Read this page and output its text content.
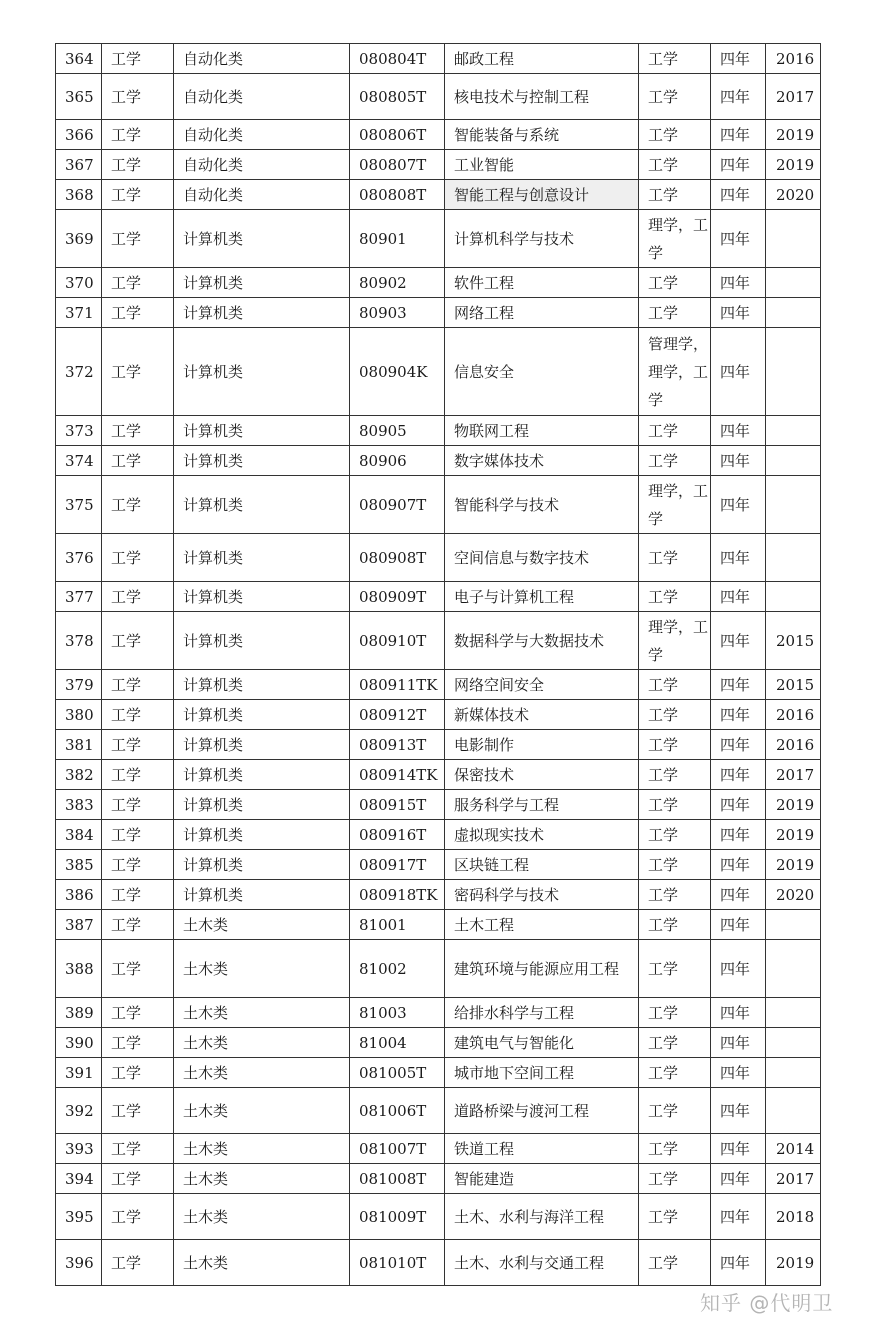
364	工学	自动化类	080804T	邮政工程	工学	四年	2016
365	工学	自动化类	080805T	核电技术与控制工程	工学	四年	2017
366	工学	自动化类	080806T	智能装备与系统	工学	四年	2019
367	工学	自动化类	080807T	工业智能	工学	四年	2019
368	工学	自动化类	080808T	智能工程与创意设计	工学	四年	2020
369	工学	计算机类	80901	计算机科学与技术	理学，工学	四年	
370	工学	计算机类	80902	软件工程	工学	四年	
371	工学	计算机类	80903	网络工程	工学	四年	
372	工学	计算机类	080904K	信息安全	管理学，理学，工学	四年	
373	工学	计算机类	80905	物联网工程	工学	四年	
374	工学	计算机类	80906	数字媒体技术	工学	四年	
375	工学	计算机类	080907T	智能科学与技术	理学，工学	四年	
376	工学	计算机类	080908T	空间信息与数字技术	工学	四年	
377	工学	计算机类	080909T	电子与计算机工程	工学	四年	
378	工学	计算机类	080910T	数据科学与大数据技术	理学，工学	四年	2015
379	工学	计算机类	080911TK	网络空间安全	工学	四年	2015
380	工学	计算机类	080912T	新媒体技术	工学	四年	2016
381	工学	计算机类	080913T	电影制作	工学	四年	2016
382	工学	计算机类	080914TK	保密技术	工学	四年	2017
383	工学	计算机类	080915T	服务科学与工程	工学	四年	2019
384	工学	计算机类	080916T	虚拟现实技术	工学	四年	2019
385	工学	计算机类	080917T	区块链工程	工学	四年	2019
386	工学	计算机类	080918TK	密码科学与技术	工学	四年	2020
387	工学	土木类	81001	土木工程	工学	四年	
388	工学	土木类	81002	建筑环境与能源应用工程	工学	四年	
389	工学	土木类	81003	给排水科学与工程	工学	四年	
390	工学	土木类	81004	建筑电气与智能化	工学	四年	
391	工学	土木类	081005T	城市地下空间工程	工学	四年	
392	工学	土木类	081006T	道路桥梁与渡河工程	工学	四年	
393	工学	土木类	081007T	铁道工程	工学	四年	2014
394	工学	土木类	081008T	智能建造	工学	四年	2017
395	工学	土木类	081009T	土木、水利与海洋工程	工学	四年	2018
396	工学	土木类	081010T	土木、水利与交通工程	工学	四年	2019
知乎 @代明卫
